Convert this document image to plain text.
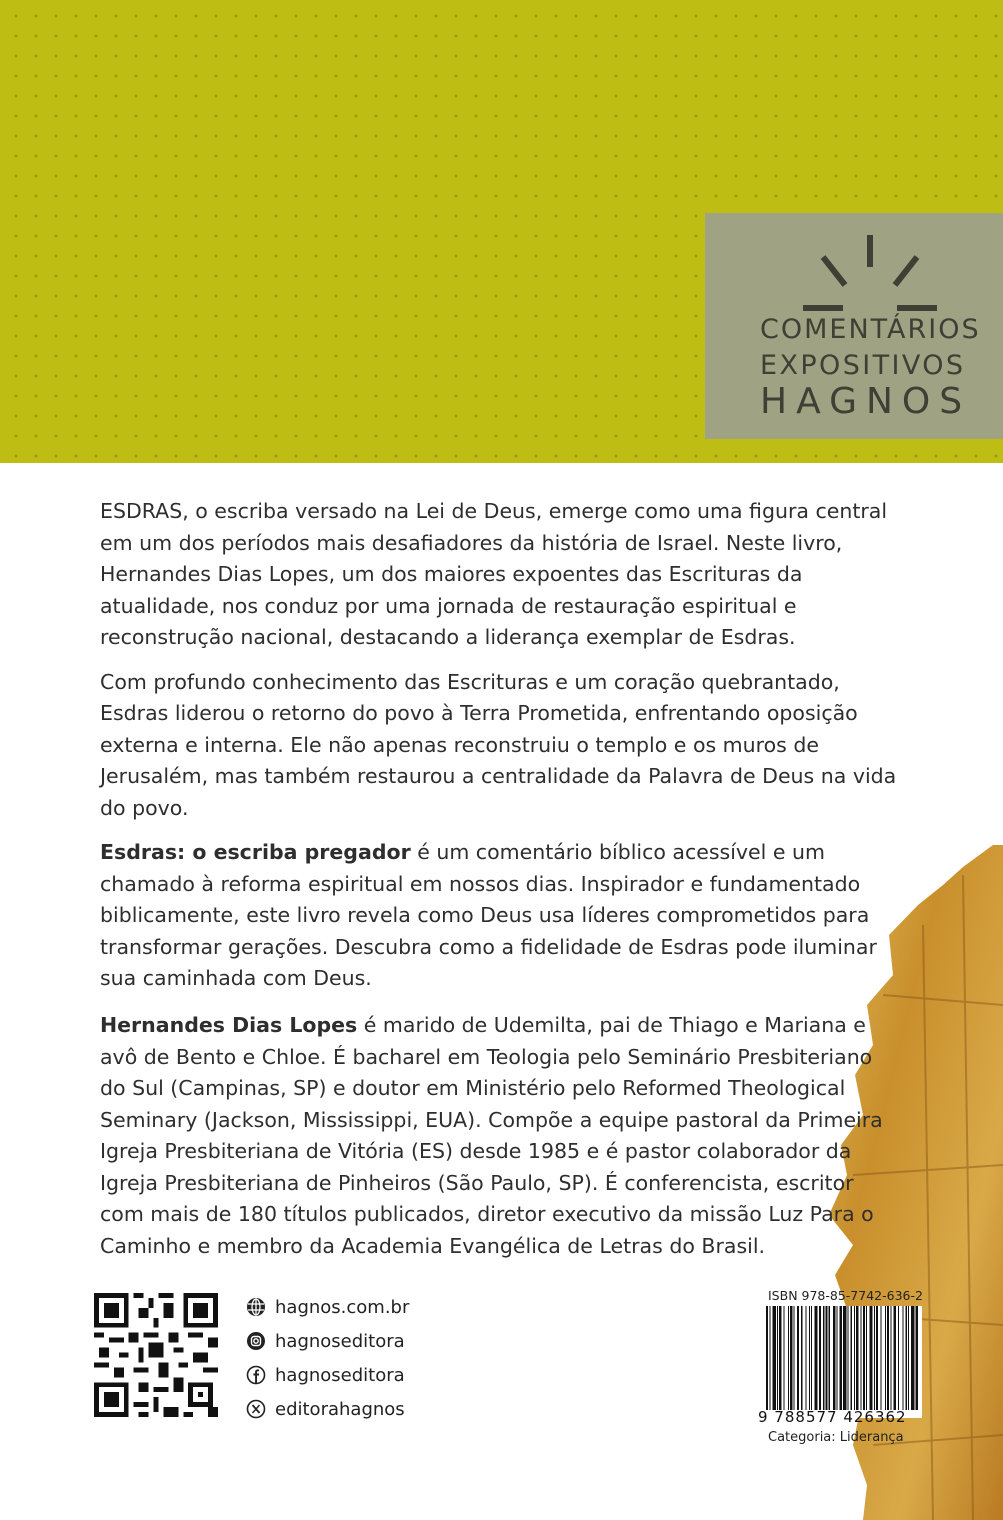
COMENTÁRIOS
EXPOSITIVOS
HAGNOS

ESDRAS, o escriba versado na Lei de Deus, emerge como uma figura central em um dos períodos mais desafiadores da história de Israel. Neste livro, Hernandes Dias Lopes, um dos maiores expoentes das Escrituras da atualidade, nos conduz por uma jornada de restauração espiritual e reconstrução nacional, destacando a liderança exemplar de Esdras.

Com profundo conhecimento das Escrituras e um coração quebrantado, Esdras liderou o retorno do povo à Terra Prometida, enfrentando oposição externa e interna. Ele não apenas reconstruiu o templo e os muros de Jerusalém, mas também restaurou a centralidade da Palavra de Deus na vida do povo.

Esdras: o escriba pregador é um comentário bíblico acessível e um chamado à reforma espiritual em nossos dias. Inspirador e fundamentado biblicamente, este livro revela como Deus usa líderes comprometidos para transformar gerações. Descubra como a fidelidade de Esdras pode iluminar sua caminhada com Deus.

Hernandes Dias Lopes é marido de Udemilta, pai de Thiago e Mariana e avô de Bento e Chloe. É bacharel em Teologia pelo Seminário Presbiteriano do Sul (Campinas, SP) e doutor em Ministério pelo Reformed Theological Seminary (Jackson, Mississippi, EUA). Compõe a equipe pastoral da Primeira Igreja Presbiteriana de Vitória (ES) desde 1985 e é pastor colaborador da Igreja Presbiteriana de Pinheiros (São Paulo, SP). É conferencista, escritor com mais de 180 títulos publicados, diretor executivo da missão Luz Para o Caminho e membro da Academia Evangélica de Letras do Brasil.

hagnos.com.br
hagnoseditora
hagnoseditora
editorahagnos
ISBN 978-85-7742-636-2
9 788577 426362
Categoria: Liderança
